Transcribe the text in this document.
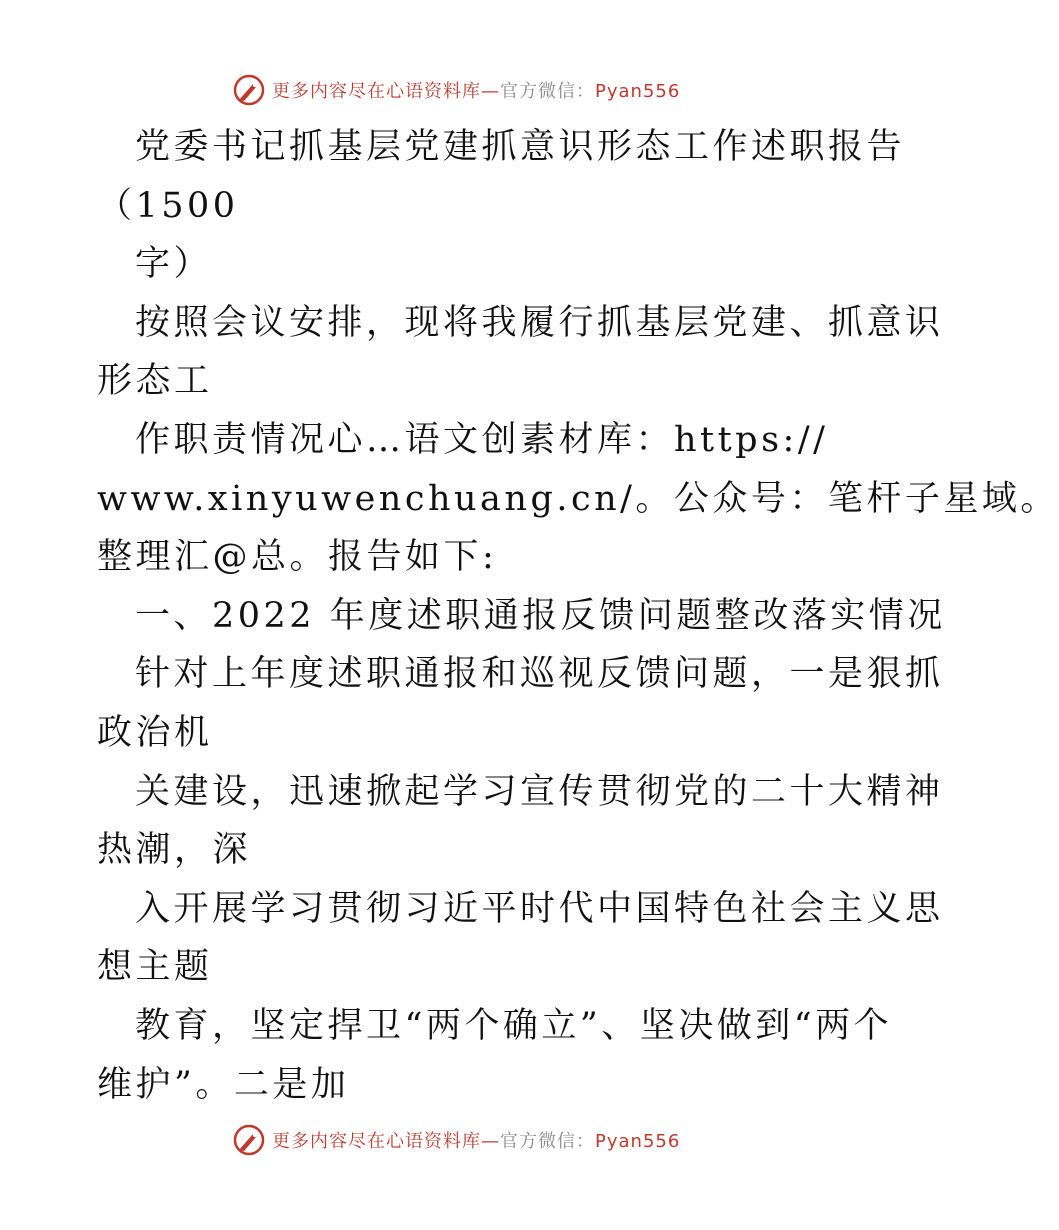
更多内容尽在心语资料库—官方微信：Pyan556
党委书记抓基层党建抓意识形态工作述职报告
（1500
字）
按照会议安排，现将我履行抓基层党建、抓意识
形态工
作职责情况心…语文创素材库：https://
www.xinyuwenchuang.cn/。公众号：笔杆子星域。
整理汇@总。报告如下:
一、2022 年度述职通报反馈问题整改落实情况
针对上年度述职通报和巡视反馈问题，一是狠抓
政治机
关建设，迅速掀起学习宣传贯彻党的二十大精神
热潮，深
入开展学习贯彻习近平时代中国特色社会主义思
想主题
教育，坚定捍卫“两个确立”、坚决做到“两个
维护”。二是加
更多内容尽在心语资料库—官方微信：Pyan556
